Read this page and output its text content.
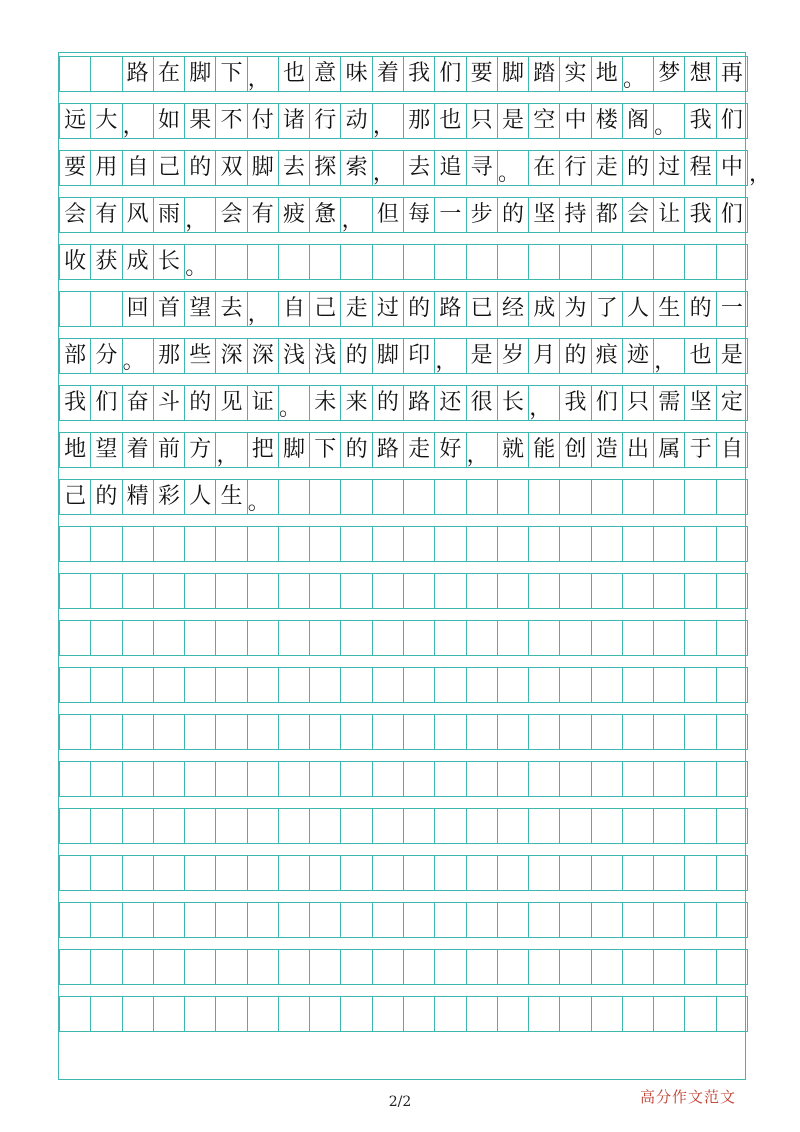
路 在 脚 下 ， 也 意 味 着 我 们 要 脚 踏 实 地 。 梦 想 再
远 大 ， 如 果 不 付 诸 行 动 ， 那 也 只 是 空 中 楼 阁 。 我 们
要 用 自 己 的 双 脚 去 探 索 ， 去 追 寻 。 在 行 走 的 过 程 中 ，
会 有 风 雨 ， 会 有 疲 惫 ， 但 每 一 步 的 坚 持 都 会 让 我 们
收 获 成 长 。
回 首 望 去 ， 自 己 走 过 的 路 已 经 成 为 了 人 生 的 一
部 分 。 那 些 深 深 浅 浅 的 脚 印 ， 是 岁 月 的 痕 迹 ， 也 是
我 们 奋 斗 的 见 证 。 未 来 的 路 还 很 长 ， 我 们 只 需 坚 定
地 望 着 前 方 ， 把 脚 下 的 路 走 好 ， 就 能 创 造 出 属 于 自
己 的 精 彩 人 生 。
2/2	高分作文范文
